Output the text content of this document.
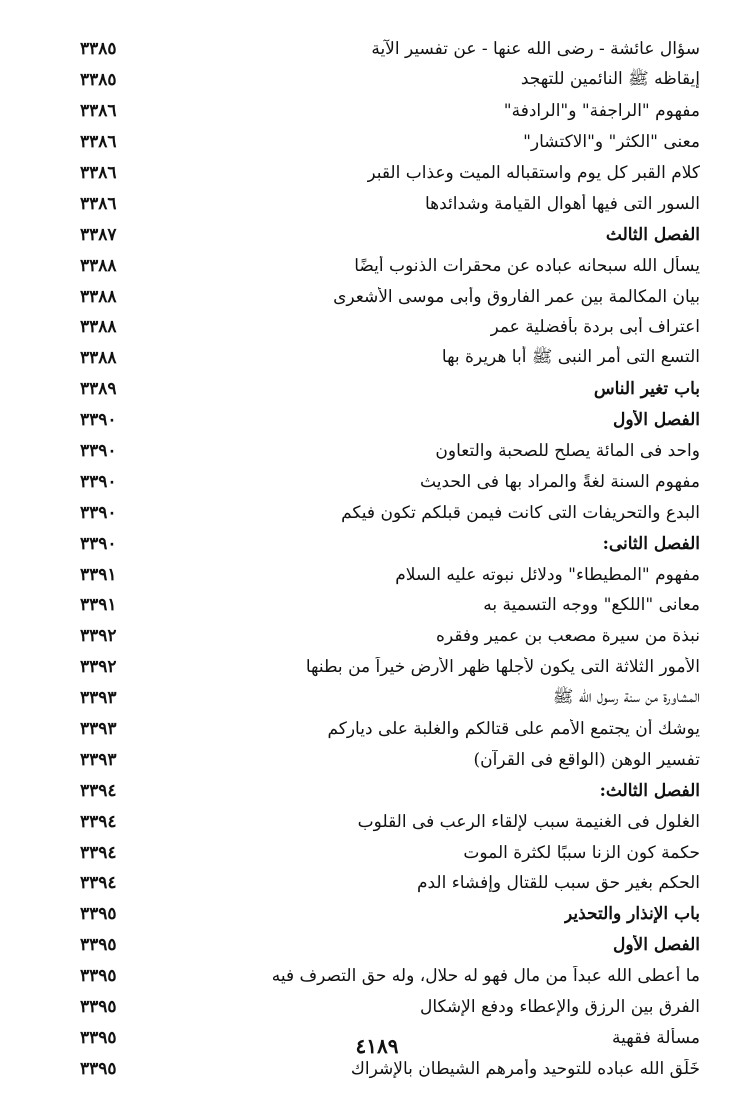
سؤال عائشة - رضى الله عنها - عن تفسير الآية
٣٣٨٥
إيقاظه ﷺ النائمين للتهجد
٣٣٨٥
مفهوم "الراجفة" و"الرادفة"
٣٣٨٦
معنى "الكثر" و"الاكتشار"
٣٣٨٦
كلام القبر كل يوم واستقباله الميت وعذاب القبر
٣٣٨٦
السور التى فيها أهوال القيامة وشدائدها
٣٣٨٦
الفصل الثالث
٣٣٨٧
يسأل الله سبحانه عباده عن محقرات الذنوب أيضًا
٣٣٨٨
بيان المكالمة بين عمر الفاروق وأبى موسى الأشعرى
٣٣٨٨
اعتراف أبى بردة بأفضلية عمر
٣٣٨٨
التسع التى أمر النبى ﷺ أبا هريرة بها
٣٣٨٨
باب تغير الناس
٣٣٨٩
الفصل الأول
٣٣٩٠
واحد فى المائة يصلح للصحبة والتعاون
٣٣٩٠
مفهوم السنة لغةً والمراد بها فى الحديث
٣٣٩٠
البدع والتحريفات التى كانت فيمن قبلكم تكون فيكم
٣٣٩٠
الفصل الثانى:
٣٣٩٠
مفهوم "المطيطاء" ودلائل نبوته عليه السلام
٣٣٩١
معانى "اللكع" ووجه التسمية به
٣٣٩١
نبذة من سيرة مصعب بن عمير وفقره
٣٣٩٢
الأمور الثلاثة التى يكون لأجلها ظهر الأرض خيراً من بطنها
٣٣٩٢
المشاورة من سنة رسول الله ﷺ
٣٣٩٣
يوشك أن يجتمع الأمم على قتالكم والغلبة على دياركم
٣٣٩٣
تفسير الوهن (الواقع فى القرآن)
٣٣٩٣
الفصل الثالث:
٣٣٩٤
الغلول فى الغنيمة سبب لإلقاء الرعب فى القلوب
٣٣٩٤
حكمة كون الزنا سببًا لكثرة الموت
٣٣٩٤
الحكم بغير حق سبب للقتال وإفشاء الدم
٣٣٩٤
باب الإنذار والتحذير
٣٣٩٥
الفصل الأول
٣٣٩٥
ما أعطى الله عبداً من مال فهو له حلال، وله حق التصرف فيه
٣٣٩٥
الفرق بين الرزق والإعطاء ودفع الإشكال
٣٣٩٥
مسألة فقهية
٣٣٩٥
خَلَق الله عباده للتوحيد وأمرهم الشيطان بالإشراك
٣٣٩٥
٤١٨٩
